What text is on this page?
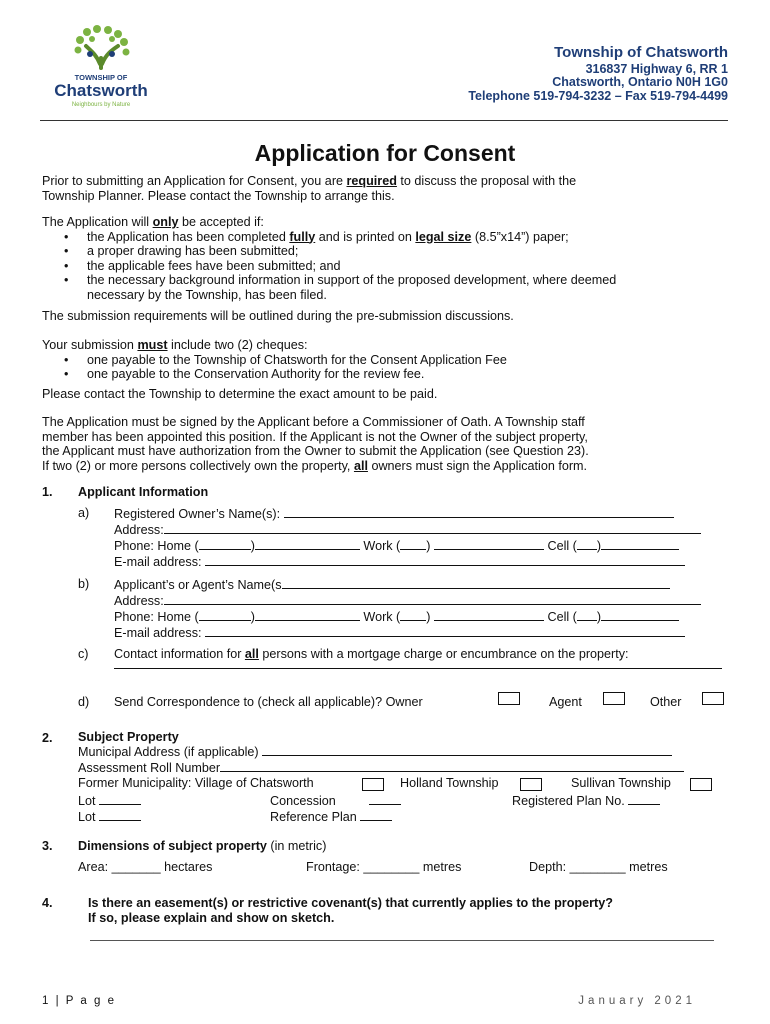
TOWNSHIP OF
Chatsworth
Neighbours by Nature
Township of Chatsworth
316837 Highway 6, RR 1
Chatsworth, Ontario N0H 1G0
Telephone 519-794-3232 – Fax 519-794-4499
Application for Consent
Prior to submitting an Application for Consent, you are required to discuss the proposal with the
Township Planner. Please contact the Township to arrange this.
The Application will only be accepted if:
• the Application has been completed fully and is printed on legal size (8.5”x14”) paper;
• a proper drawing has been submitted;
• the applicable fees have been submitted; and
• the necessary background information in support of the proposed development, where deemed
necessary by the Township, has been filed.
The submission requirements will be outlined during the pre-submission discussions.
Your submission must include two (2) cheques:
• one payable to the Township of Chatsworth for the Consent Application Fee
• one payable to the Conservation Authority for the review fee.
Please contact the Township to determine the exact amount to be paid.
The Application must be signed by the Applicant before a Commissioner of Oath. A Township staff
member has been appointed this position. If the Applicant is not the Owner of the subject property,
the Applicant must have authorization from the Owner to submit the Application (see Question 23).
If two (2) or more persons collectively own the property, all owners must sign the Application form.
1. Applicant Information
a) Registered Owner’s Name(s):
Address:
Phone: Home (	)	Work ( )	Cell ( )
E-mail address:
b) Applicant’s or Agent’s Name(s
Address:
Phone: Home (	)	Work ( )	Cell ( )
E-mail address:
c) Contact information for all persons with a mortgage charge or encumbrance on the property:
d) Send Correspondence to (check all applicable)? Owner	Agent	Other
2. Subject Property
Municipal Address (if applicable)
Assessment Roll Number
Former Municipality: Village of Chatsworth	Holland Township	Sullivan Township
Lot	Concession	Registered Plan No.
Lot	Reference Plan
3. Dimensions of subject property (in metric)
Area: _______ hectares	Frontage: ________ metres	Depth: ________ metres
4.	Is there an easement(s) or restrictive covenant(s) that currently applies to the property?
If so, please explain and show on sketch.
1 | P a g e	January 2021
